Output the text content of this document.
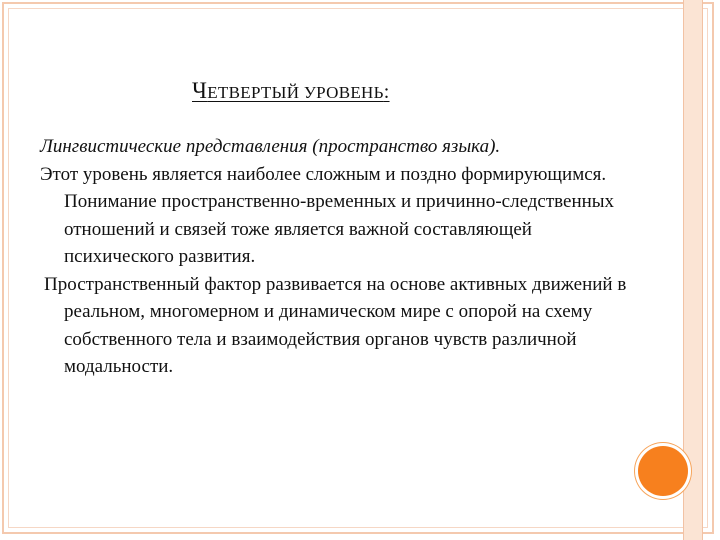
ЧЕТВЕРТЫЙ УРОВЕНЬ:

Лингвистические представления (пространство языка).

Этот уровень является наиболее сложным и поздно формирующимся. Понимание пространственно-временных и причинно-следственных отношений и связей тоже является важной составляющей психического развития.

Пространственный фактор развивается на основе активных движений в реальном, многомерном и динамическом мире с опорой на схему собственного тела и взаимодействия органов чувств различной модальности.
